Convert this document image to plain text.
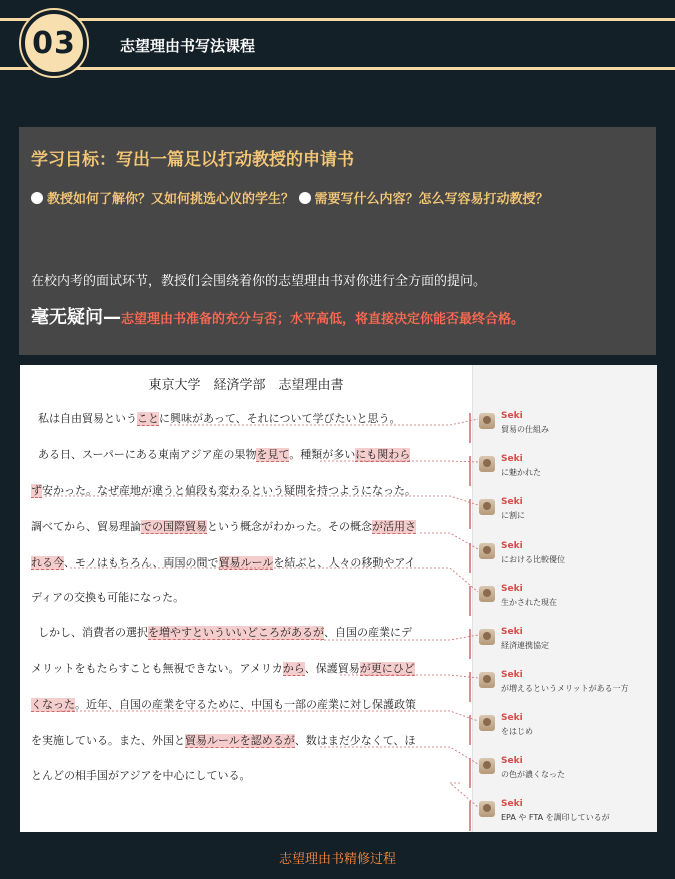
03	志望理由书写法课程
学习目标：写出一篇足以打动教授的申请书
教授如何了解你？又如何挑选心仪的学生？ 需要写什么内容？怎么写容易打动教授？
在校内考的面试环节，教授们会围绕着你的志望理由书对你进行全方面的提问。
毫无疑问—志望理由书准备的充分与否；水平高低，将直接决定你能否最终合格。
東京大学　経済学部　志望理由書
私は自由貿易ということに興味があって、それについて学びたいと思う。
ある日、スーパーにある東南アジア産の果物を見て。種類が多いにも関わら
ず安かった。なぜ産地が違うと値段も変わるという疑問を持つようになった。
調べてから、貿易理論での国際貿易という概念がわかった。その概念が活用さ
れる今、モノはもちろん、両国の間で貿易ルールを結ぶと、人々の移動やアイ
ディアの交換も可能になった。
しかし、消費者の選択を増やすといういいどころがあるが、自国の産業にデ
メリットをもたらすことも無視できない。アメリカから、保護貿易が更にひど
くなった。近年、自国の産業を守るために、中国も一部の産業に対し保護政策
を実施している。また、外国と貿易ルールを認めるが、数はまだ少なくて、ほ
とんどの相手国がアジアを中心にしている。
Seki
貿易の仕組み
Seki
に魅かれた
Seki
に割に
Seki
における比較優位
Seki
生かされた現在
Seki
経済連携協定
Seki
が増えるというメリットがある一方
Seki
をはじめ
Seki
の色が濃くなった
Seki
EPA や FTA を調印しているが
志望理由书精修过程
